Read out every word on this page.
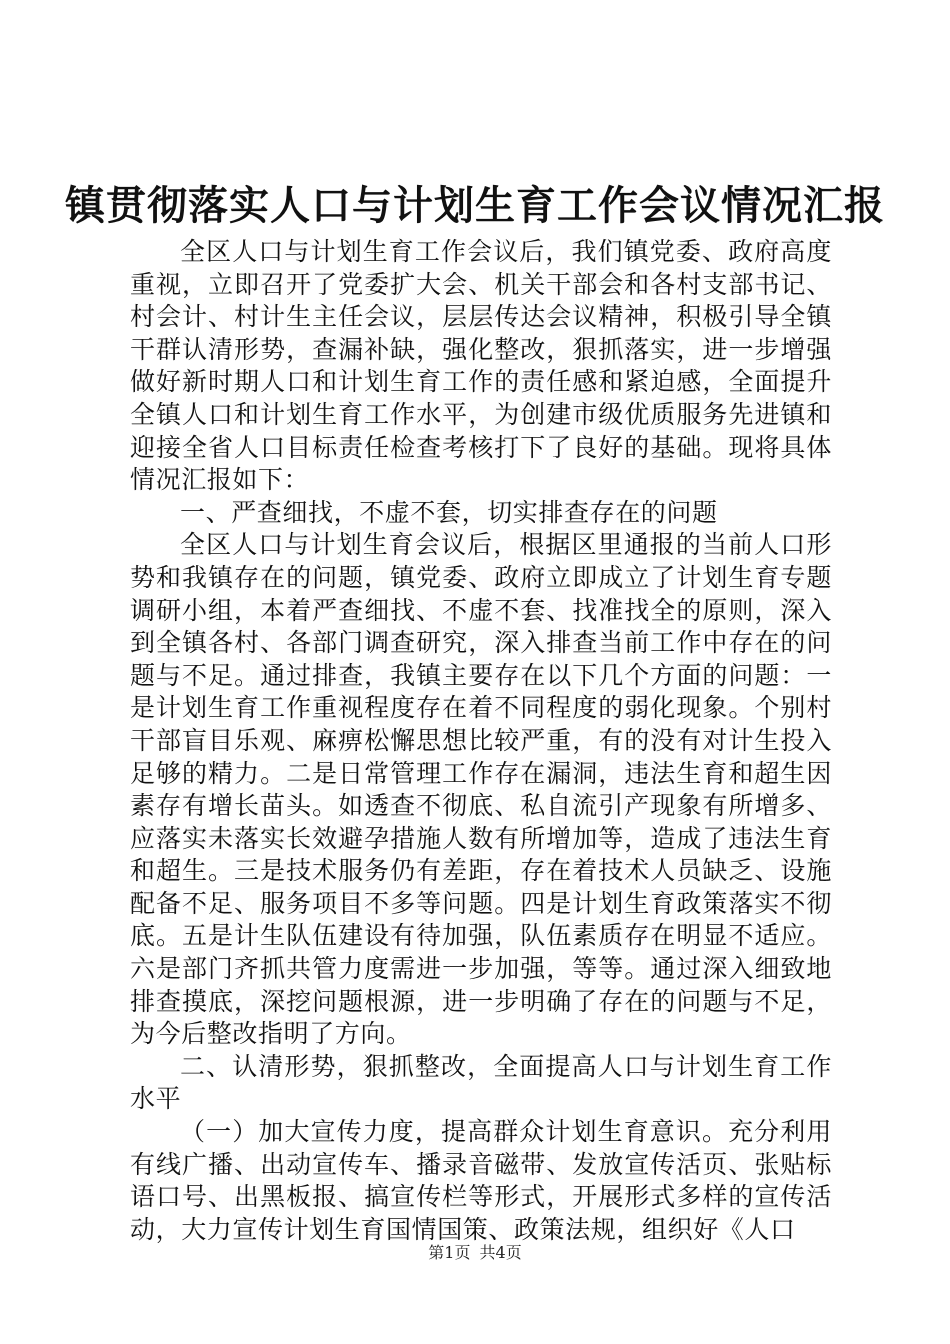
镇贯彻落实人口与计划生育工作会议情况汇报

全区人口与计划生育工作会议后，我们镇党委、政府高度重视，立即召开了党委扩大会、机关干部会和各村支部书记、村会计、村计生主任会议，层层传达会议精神，积极引导全镇干群认清形势，查漏补缺，强化整改，狠抓落实，进一步增强做好新时期人口和计划生育工作的责任感和紧迫感，全面提升全镇人口和计划生育工作水平，为创建市级优质服务先进镇和迎接全省人口目标责任检查考核打下了良好的基础。现将具体情况汇报如下：

一、严查细找，不虚不套，切实排查存在的问题

全区人口与计划生育会议后，根据区里通报的当前人口形势和我镇存在的问题，镇党委、政府立即成立了计划生育专题调研小组，本着严查细找、不虚不套、找准找全的原则，深入到全镇各村、各部门调查研究，深入排查当前工作中存在的问题与不足。通过排查，我镇主要存在以下几个方面的问题：一是计划生育工作重视程度存在着不同程度的弱化现象。个别村干部盲目乐观、麻痹松懈思想比较严重，有的没有对计生投入足够的精力。二是日常管理工作存在漏洞，违法生育和超生因素存有增长苗头。如透查不彻底、私自流引产现象有所增多、应落实未落实长效避孕措施人数有所增加等，造成了违法生育和超生。三是技术服务仍有差距，存在着技术人员缺乏、设施配备不足、服务项目不多等问题。四是计划生育政策落实不彻底。五是计生队伍建设有待加强，队伍素质存在明显不适应。六是部门齐抓共管力度需进一步加强，等等。通过深入细致地排查摸底，深挖问题根源，进一步明确了存在的问题与不足，为今后整改指明了方向。

二、认清形势，狠抓整改，全面提高人口与计划生育工作水平

（一）加大宣传力度，提高群众计划生育意识。充分利用有线广播、出动宣传车、播录音磁带、发放宣传活页、张贴标语口号、出黑板报、搞宣传栏等形式，开展形式多样的宣传活动，大力宣传计划生育国情国策、政策法规，组织好《人口

第1页 共4页
